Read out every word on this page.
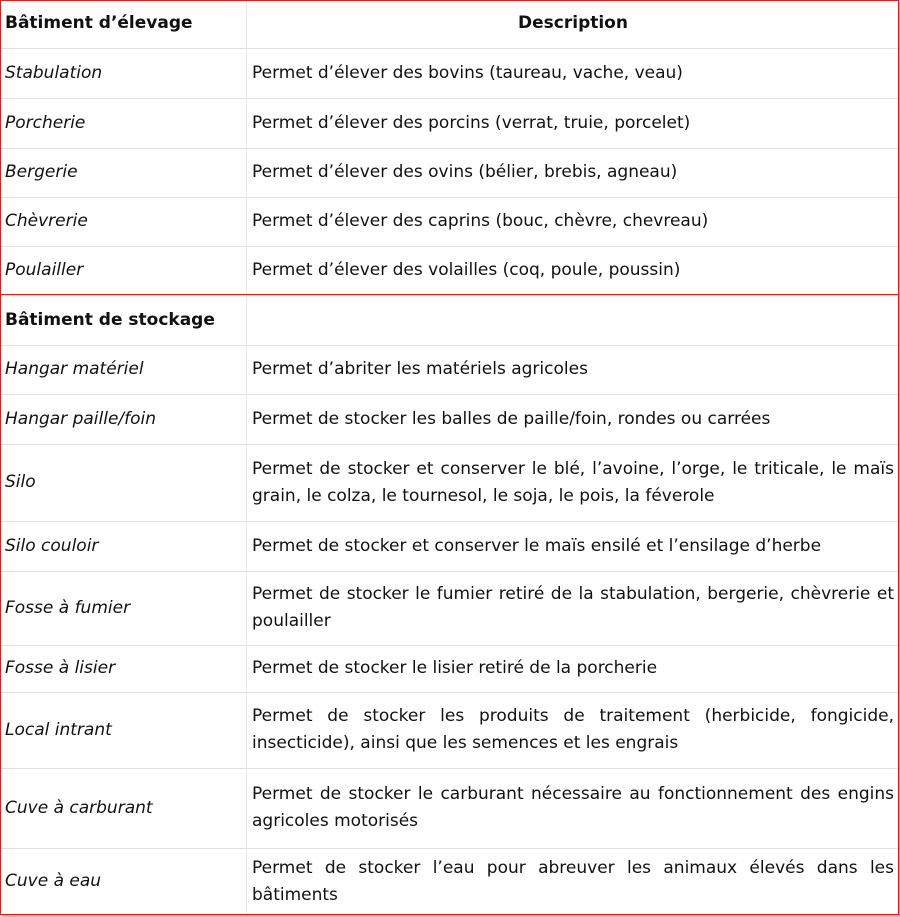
Bâtiment d’élevage	Description
Stabulation	Permet d’élever des bovins (taureau, vache, veau)
Porcherie	Permet d’élever des porcins (verrat, truie, porcelet)
Bergerie	Permet d’élever des ovins (bélier, brebis, agneau)
Chèvrerie	Permet d’élever des caprins (bouc, chèvre, chevreau)
Poulailler	Permet d’élever des volailles (coq, poule, poussin)
Bâtiment de stockage	
Hangar matériel	Permet d’abriter les matériels agricoles
Hangar paille/foin	Permet de stocker les balles de paille/foin, rondes ou carrées
Silo	Permet de stocker et conserver le blé, l’avoine, l’orge, le triticale, le maïs grain, le colza, le tournesol, le soja, le pois, la féverole
Silo couloir	Permet de stocker et conserver le maïs ensilé et l’ensilage d’herbe
Fosse à fumier	Permet de stocker le fumier retiré de la stabulation, bergerie, chèvrerie et poulailler
Fosse à lisier	Permet de stocker le lisier retiré de la porcherie
Local intrant	Permet de stocker les produits de traitement (herbicide, fongicide, insecticide), ainsi que les semences et les engrais
Cuve à carburant	Permet de stocker le carburant nécessaire au fonctionnement des engins agricoles motorisés
Cuve à eau	Permet de stocker l’eau pour abreuver les animaux élevés dans les bâtiments
